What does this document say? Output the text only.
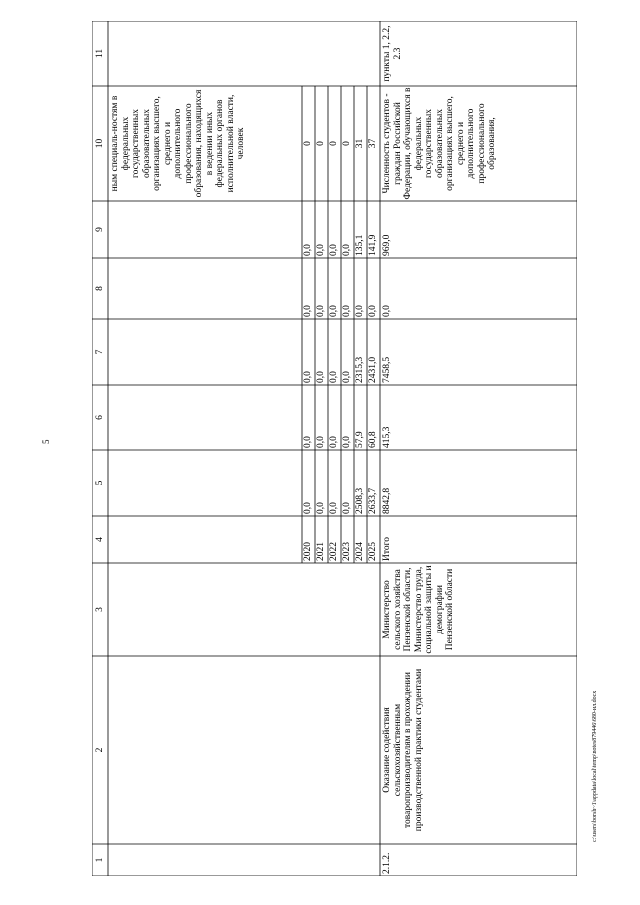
5
c:\users\borsh~1\appdata\local\temp\notes879446\680-ил.docx
1
2
3
4
5
6
7
8
9
10
11
ным специаль-ностям в федеральных государственных образовательных организациях высшего, среднего и дополнительного профессионального образования, находящихся в ведении иных федеральных органов исполнительной власти, человек
2020 2021 2022 2023 2024 2025
0,0 0,0 0,0 0,0 2508,3 2633,7
0,0 0,0 0,0 0,0 57,9 60,8
0,0 0,0 0,0 0,0 2315,3 2431,0
0,0 0,0 0,0 0,0 0,0 0,0
0,0 0,0 0,0 0,0 135,1 141,9
0 0 0 0 31 37
2.1.2.
Оказание содействия сельскохозяйственным товаропроизводителям в прохождении производственной практики студентами
Министерство сельского хозяйства Пензенской области, Министерство труда, социальной защиты и демографии Пензенской области
Итого
8842,8
415,3
7458,5
0,0
969,0
Численность студентов - граждан Российской Федерации, обучающихся в федеральных государственных образовательных организациях высшего, среднего и дополнительного профессионального образования,
пункты 1, 2.2, 2.3
